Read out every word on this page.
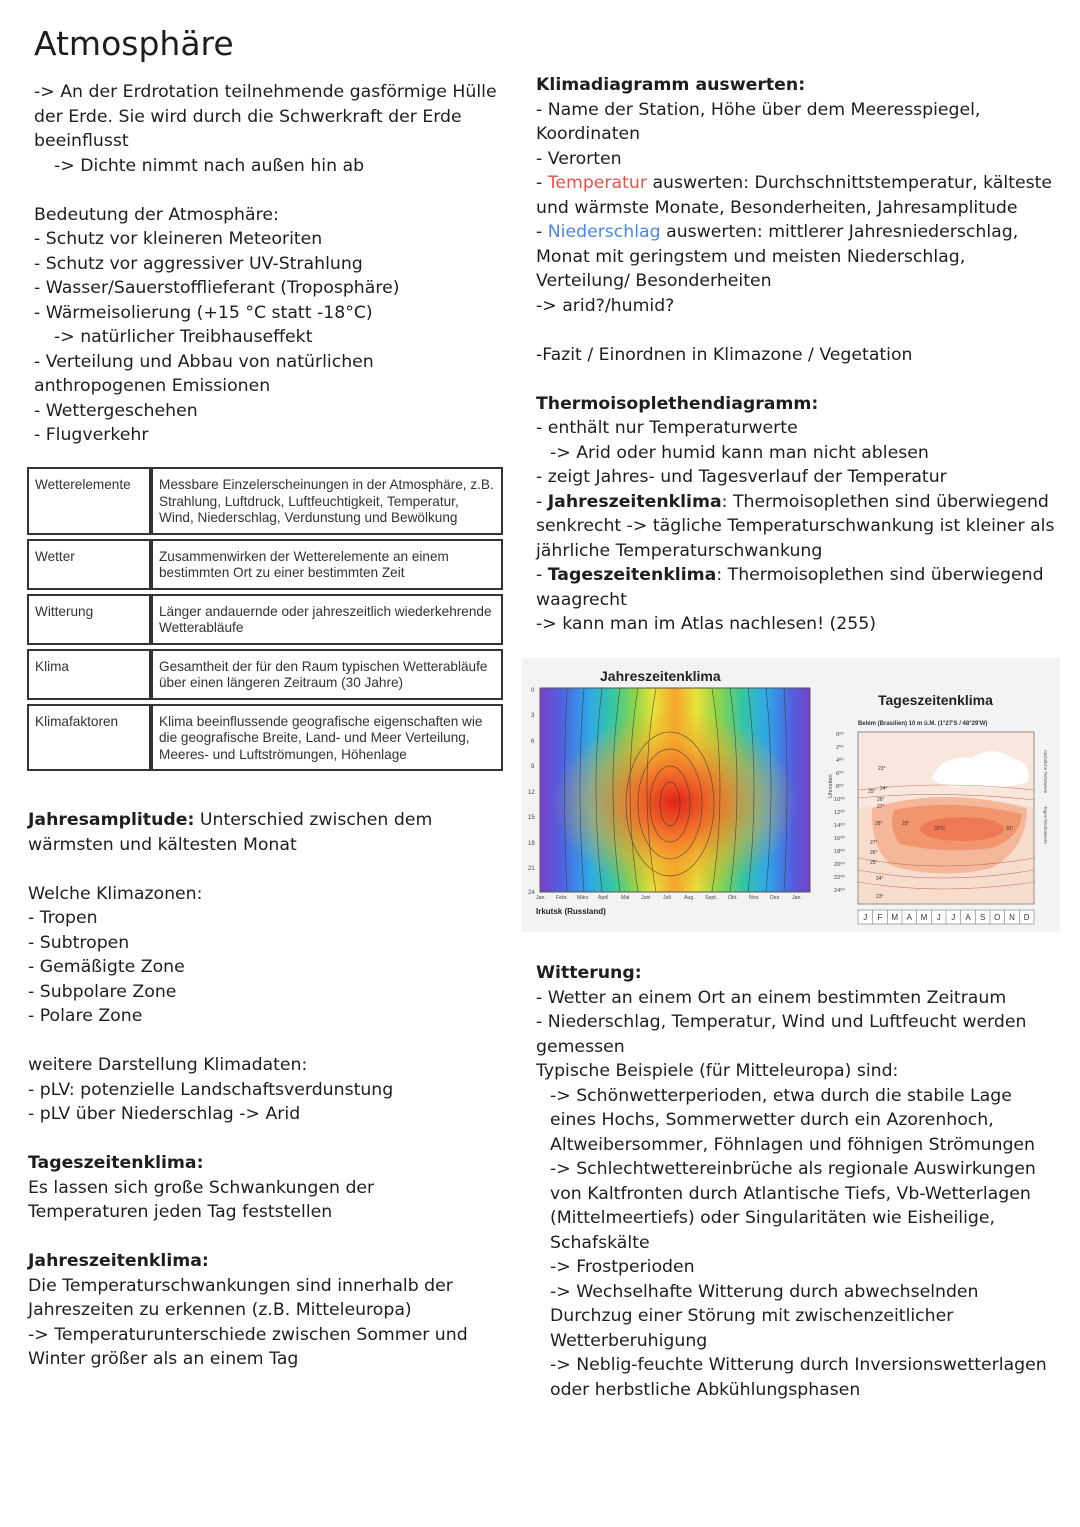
Atmosphäre

-> An der Erdrotation teilnehmende gasförmige Hülle der Erde. Sie wird durch die Schwerkraft der Erde beeinflusst

-> Dichte nimmt nach außen hin ab

Bedeutung der Atmosphäre:

- Schutz vor kleineren Meteoriten

- Schutz vor aggressiver UV-Strahlung

- Wasser/Sauerstofflieferant (Troposphäre)

- Wärmeisolierung (+15 °C statt -18°C)

-> natürlicher Treibhauseffekt

- Verteilung und Abbau von natürlichen anthropogenen Emissionen

- Wettergeschehen

- Flugverkehr

Wetterelemente	Messbare Einzelerscheinungen in der Atmosphäre, z.B. Strahlung, Luftdruck, Luftfeuchtigkeit, Temperatur, Wind, Niederschlag, Verdunstung und Bewölkung

Wetter	Zusammenwirken der Wetterelemente an einem bestimmten Ort zu einer bestimmten Zeit

Witterung	Länger andauernde oder jahreszeitlich wiederkehrende Wetterabläufe

Klima	Gesamtheit der für den Raum typischen Wetterabläufe über einen längeren Zeitraum (30 Jahre)

Klimafaktoren	Klima beeinflussende geografische eigenschaften wie die geografische Breite, Land- und Meer Verteilung, Meeres- und Luftströmungen, Höhenlage

Jahresamplitude: Unterschied zwischen dem wärmsten und kältesten Monat

Welche Klimazonen:

- Tropen

- Subtropen

- Gemäßigte Zone

- Subpolare Zone

- Polare Zone

weitere Darstellung Klimadaten:

- pLV: potenzielle Landschaftsverdunstung

- pLV über Niederschlag -> Arid

Tageszeitenklima:

Es lassen sich große Schwankungen der Temperaturen jeden Tag feststellen

Jahreszeitenklima:

Die Temperaturschwankungen sind innerhalb der Jahreszeiten zu erkennen (z.B. Mitteleuropa)

-> Temperaturunterschiede zwischen Sommer und Winter größer als an einem Tag

Klimadiagramm auswerten:

- Name der Station, Höhe über dem Meeresspiegel, Koordinaten

- Verorten

- Temperatur auswerten: Durchschnittstemperatur, kälteste und wärmste Monate, Besonderheiten, Jahresamplitude

- Niederschlag auswerten: mittlerer Jahresniederschlag, Monat mit geringstem und meisten Niederschlag, Verteilung/ Besonderheiten

-> arid?/humid?

-Fazit / Einordnen in Klimazone / Vegetation

Thermoisoplethendiagramm:

- enthält nur Temperaturwerte

-> Arid oder humid kann man nicht ablesen

- zeigt Jahres- und Tagesverlauf der Temperatur

- Jahreszeitenklima: Thermoisoplethen sind überwiegend senkrecht -> tägliche Temperaturschwankung ist kleiner als jährliche Temperaturschwankung

- Tageszeitenklima: Thermoisoplethen sind überwiegend waagrecht

-> kann man im Atlas nachlesen! (255)

Jahreszeitenklima
0
3
6
9
12
15
18
21
24
Jan. Febr. März April Mai Juni Juli	Aug. Sept. Okt. Nov. Dez. Jan.
Irkutsk (Russland)
Tageszeitenklima
Belém (Brasilien) 10 m ü.M. (1°27'S / 48°29'W)
Uhrzeiten
0⁰⁰
2⁰⁰
4⁰⁰
6⁰⁰
8⁰⁰
10⁰⁰
12⁰⁰
14⁰⁰
16⁰⁰
18⁰⁰
20⁰⁰
22⁰⁰
24⁰⁰
22°
25° 24°
26°
27°
28°	29°
30°C	31°
27°
26°
25°
24°
23°
nächtliche Tiefstwerte
Tages-höchstwerte
J F M A M J J A S O N D

Witterung:

- Wetter an einem Ort an einem bestimmten Zeitraum

- Niederschlag, Temperatur, Wind und Luftfeucht werden gemessen

Typische Beispiele (für Mitteleuropa) sind:

-> Schönwetterperioden, etwa durch die stabile Lage eines Hochs, Sommerwetter durch ein Azorenhoch, Altweibersommer, Föhnlagen und föhnigen Strömungen

-> Schlechtwettereinbrüche als regionale Auswirkungen von Kaltfronten durch Atlantische Tiefs, Vb-Wetterlagen (Mittelmeertiefs) oder Singularitäten wie Eisheilige, Schafskälte

-> Frostperioden

-> Wechselhafte Witterung durch abwechselnden Durchzug einer Störung mit zwischenzeitlicher Wetterberuhigung

-> Neblig-feuchte Witterung durch Inversionswetterlagen oder herbstliche Abkühlungsphasen
